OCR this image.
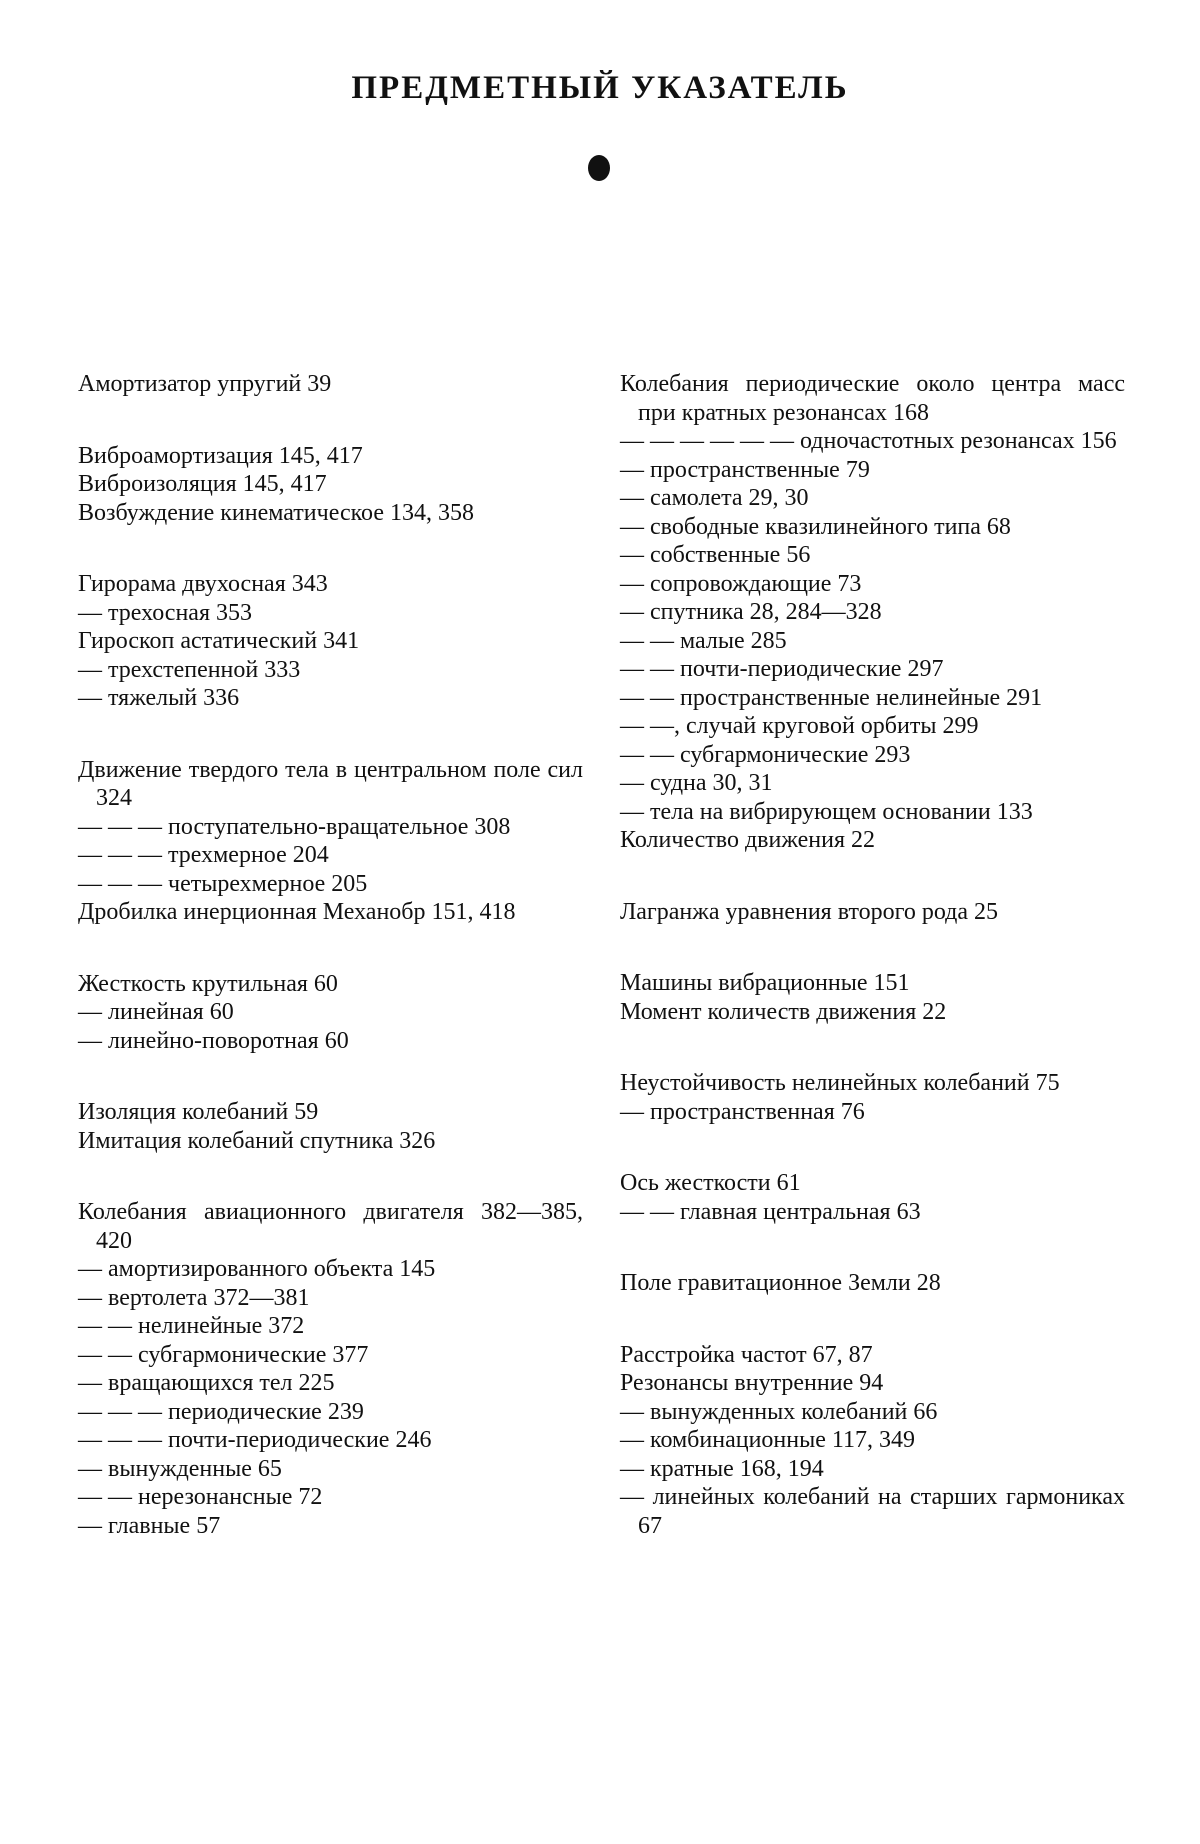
ПРЕДМЕТНЫЙ УКАЗАТЕЛЬ
Амортизатор упругий 39
Виброамортизация 145, 417
Виброизоляция 145, 417
Возбуждение кинематическое 134, 358
Гирорама двухосная 343
— трехосная 353
Гироскоп астатический 341
— трехстепенной 333
— тяжелый 336
Движение твердого тела в центральном поле сил 324
— — — поступательно-вращательное 308
— — — трехмерное 204
— — — четырехмерное 205
Дробилка инерционная Механобр 151, 418
Жесткость крутильная 60
— линейная 60
— линейно-поворотная 60
Изоляция колебаний 59
Имитация колебаний спутника 326
Колебания авиационного двигателя 382—385, 420
— амортизированного объекта 145
— вертолета 372—381
— — нелинейные 372
— — субгармонические 377
— вращающихся тел 225
— — — периодические 239
— — — почти-периодические 246
— вынужденные 65
— — нерезонансные 72
— главные 57
Колебания периодические около центра масс при кратных резонансах 168
— — — — — — одночастотных резонансах 156
— пространственные 79
— самолета 29, 30
— свободные квазилинейного типа 68
— собственные 56
— сопровождающие 73
— спутника 28, 284—328
— — малые 285
— — почти-периодические 297
— — пространственные нелинейные 291
— —, случай круговой орбиты 299
— — субгармонические 293
— судна 30, 31
— тела на вибрирующем основании 133
Количество движения 22
Лагранжа уравнения второго рода 25
Машины вибрационные 151
Момент количеств движения 22
Неустойчивость нелинейных колебаний 75
— пространственная 76
Ось жесткости 61
— — главная центральная 63
Поле гравитационное Земли 28
Расстройка частот 67, 87
Резонансы внутренние 94
— вынужденных колебаний 66
— комбинационные 117, 349
— кратные 168, 194
— линейных колебаний на старших гармониках 67
